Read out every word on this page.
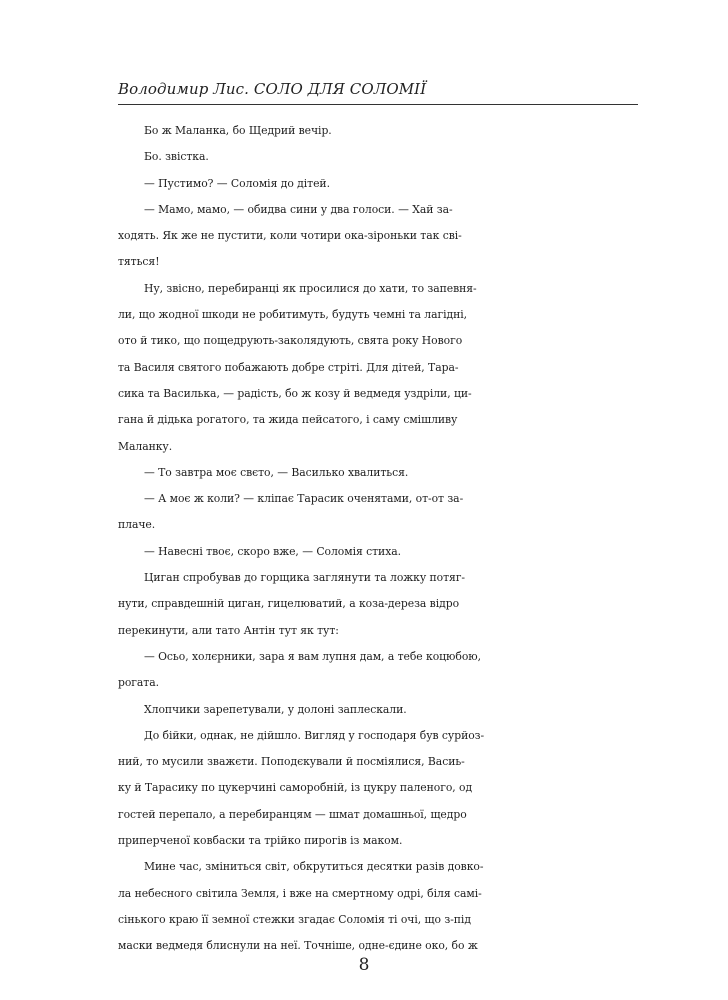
Володимир Лис. СОЛО ДЛЯ СОЛОМІЇ

Бо ж Маланка, бо Щедрий вечір.

Бо. звістка.

— Пустимо? — Соломія до дітей.

— Мамо, мамо, — обидва сини у два голоси. — Хай за-
ходять. Як же не пустити, коли чотири ока-зіроньки так сві-
тяться!

Ну, звісно, перебиранці як просилися до хати, то запевня-
ли, що жодної шкоди не робитимуть, будуть чемні та лагідні,
ото й тико, що пощедрують-заколядують, свята року Нового
та Василя святого побажають добре стріті. Для дітей, Тара-
сика та Василька, — радість, бо ж козу й ведмедя уздріли, ци-
гана й дідька рогатого, та жида пейсатого, і саму смішливу
Маланку.

— То завтра моє свєто, — Василько хвалиться.

— А моє ж коли? — кліпає Тарасик оченятами, от-от за-
плаче.

— Навесні твоє, скоро вже, — Соломія стиха.

Циган спробував до горщика заглянути та ложку потяг-
нути, справдешній циган, гицелюватий, а коза-дереза відро
перекинути, али тато Антін тут як тут:

— Осьо, холєрники, зара я вам лупня дам, а тебе коцюбою,
рогата.

Хлопчики зарепетували, у долоні заплескали.

До бійки, однак, не дійшло. Вигляд у господаря був сурйоз-
ний, то мусили зважєти. Поподєкували й посміялися, Васиь-
ку й Тарасику по цукерчині саморобній, із цукру паленого, од
гостей перепало, а перебиранцям — шмат домашньої, щедро
приперченої ковбаски та трійко пирогів із маком.

Мине час, зміниться світ, обкрутиться десятки разів довко-
ла небесного світила Земля, і вже на смертному одрі, біля самі-
сінького краю її земної стежки згадає Соломія ті очі, що з-під
маски ведмедя блиснули на неї. Точніше, одне-єдине око, бо ж

8
